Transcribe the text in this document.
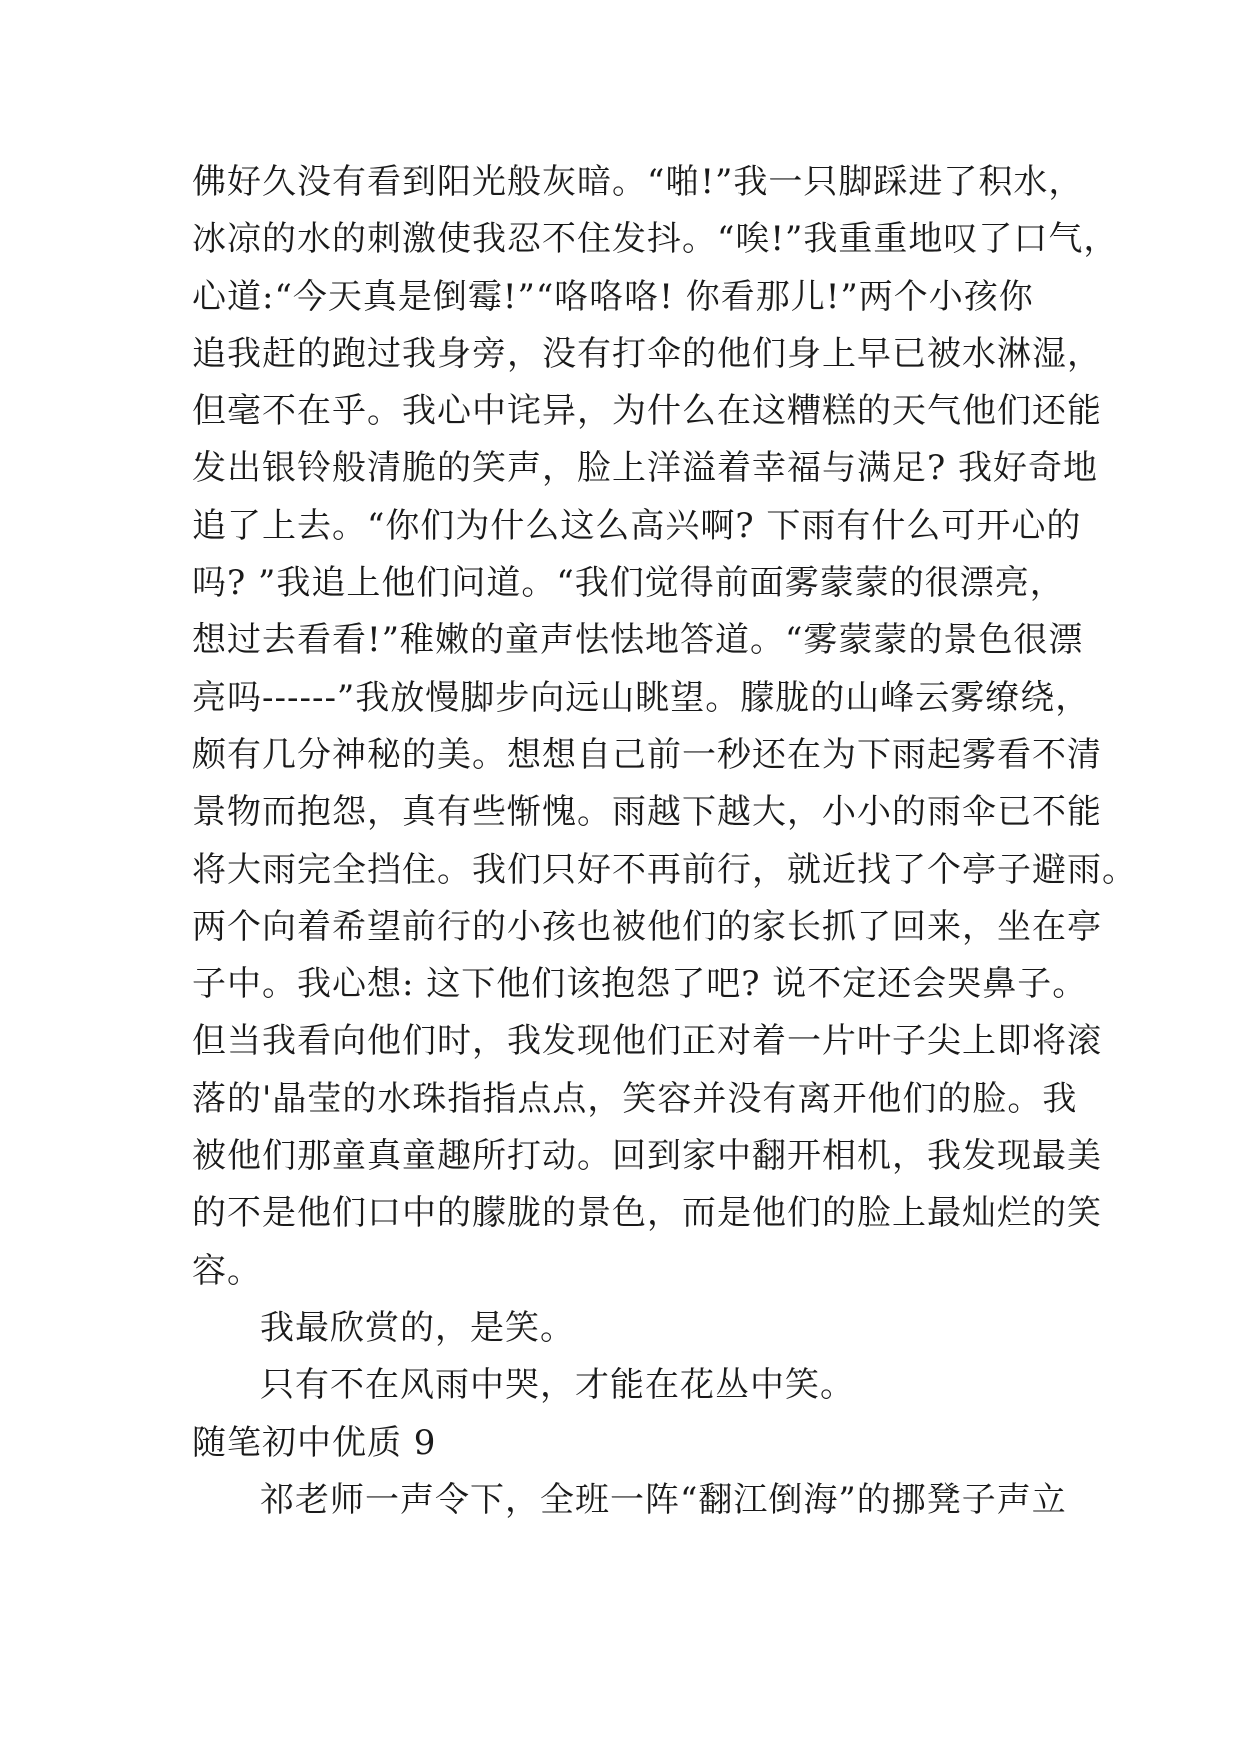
佛好久没有看到阳光般灰暗。“啪!”我一只脚踩进了积水，
冰凉的水的刺激使我忍不住发抖。“唉!”我重重地叹了口气，
心道:“今天真是倒霉!”“咯咯咯! 你看那儿!”两个小孩你
追我赶的跑过我身旁，没有打伞的他们身上早已被水淋湿，
但毫不在乎。我心中诧异，为什么在这糟糕的天气他们还能
发出银铃般清脆的笑声，脸上洋溢着幸福与满足? 我好奇地
追了上去。“你们为什么这么高兴啊? 下雨有什么可开心的
吗? ”我追上他们问道。“我们觉得前面雾蒙蒙的很漂亮，
想过去看看!”稚嫩的童声怯怯地答道。“雾蒙蒙的景色很漂
亮吗------”我放慢脚步向远山眺望。朦胧的山峰云雾缭绕，
颇有几分神秘的美。想想自己前一秒还在为下雨起雾看不清
景物而抱怨，真有些惭愧。雨越下越大，小小的雨伞已不能
将大雨完全挡住。我们只好不再前行，就近找了个亭子避雨。
两个向着希望前行的小孩也被他们的家长抓了回来，坐在亭
子中。我心想: 这下他们该抱怨了吧? 说不定还会哭鼻子。
但当我看向他们时，我发现他们正对着一片叶子尖上即将滚
落的'晶莹的水珠指指点点，笑容并没有离开他们的脸。我
被他们那童真童趣所打动。回到家中翻开相机，我发现最美
的不是他们口中的朦胧的景色，而是他们的脸上最灿烂的笑
容。
我最欣赏的，是笑。
只有不在风雨中哭，才能在花丛中笑。
随笔初中优质 9
祁老师一声令下，全班一阵“翻江倒海”的挪凳子声立
